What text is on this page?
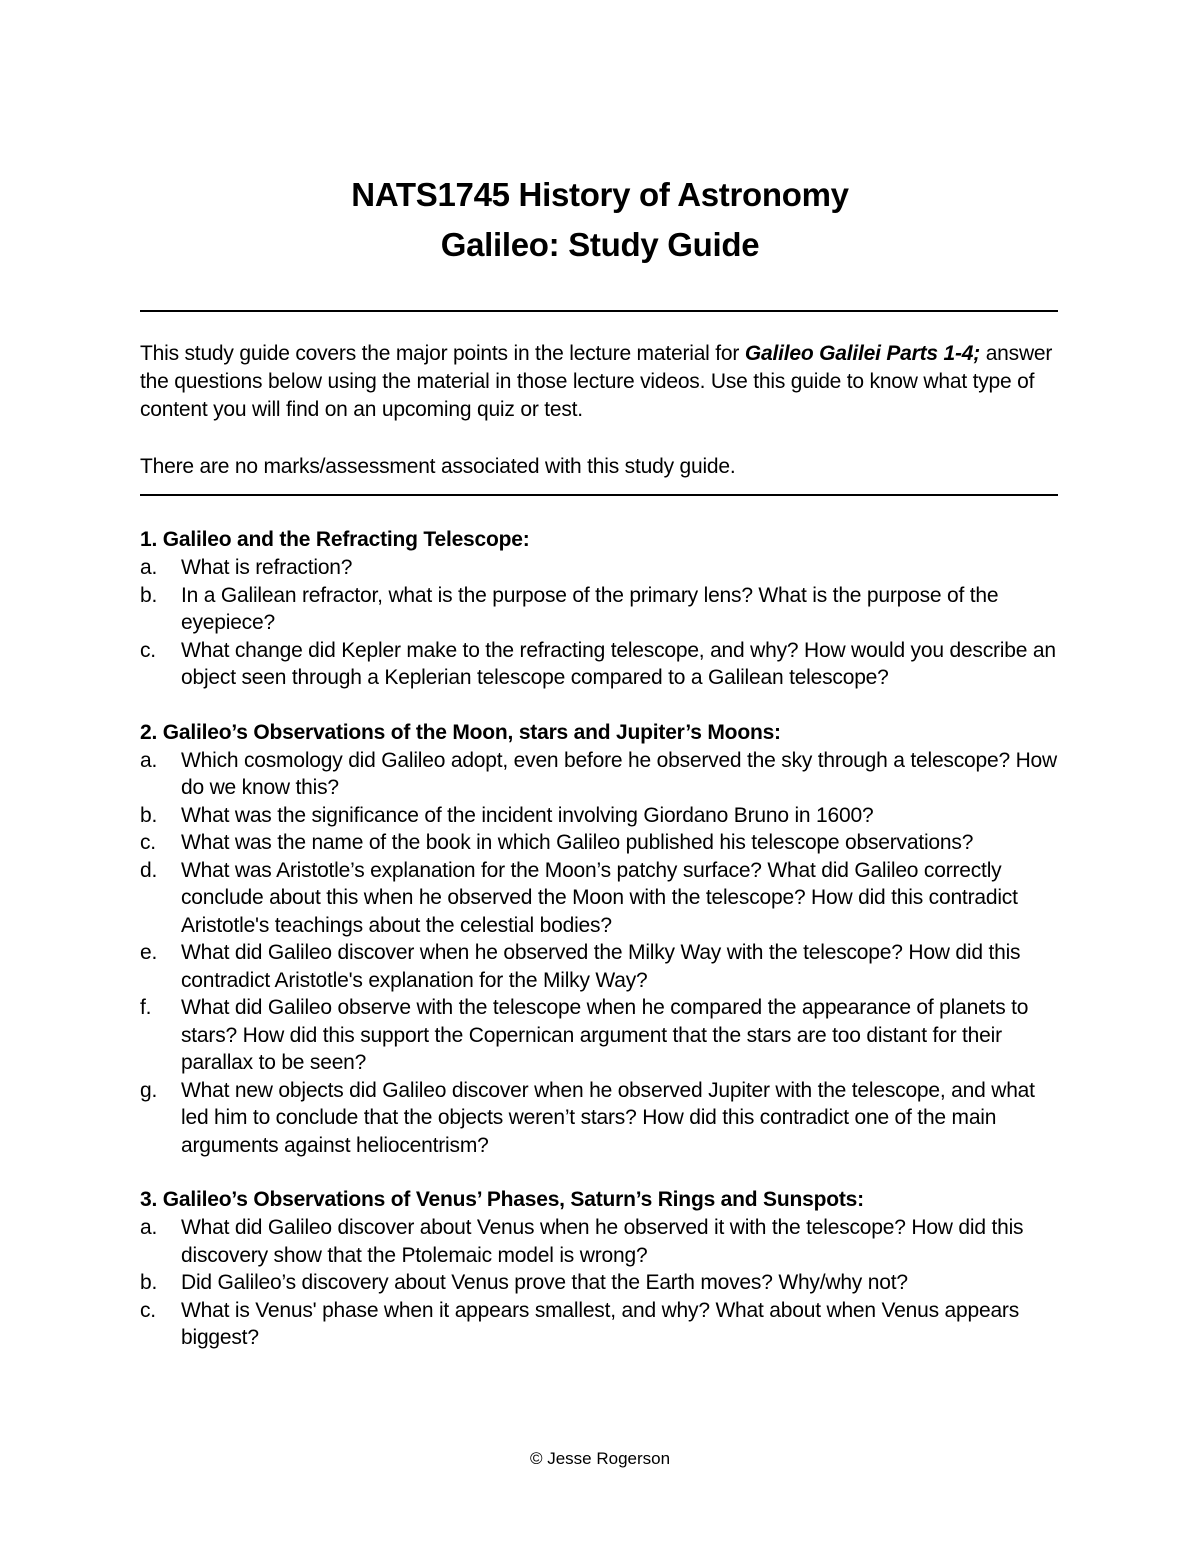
NATS1745 History of Astronomy
Galileo: Study Guide

This study guide covers the major points in the lecture material for Galileo Galilei Parts 1-4; answer the questions below using the material in those lecture videos. Use this guide to know what type of content you will find on an upcoming quiz or test.

There are no marks/assessment associated with this study guide.

1. Galileo and the Refracting Telescope:

a.	What is refraction?
b.	In a Galilean refractor, what is the purpose of the primary lens? What is the purpose of the eyepiece?
c.	What change did Kepler make to the refracting telescope, and why? How would you describe an object seen through a Keplerian telescope compared to a Galilean telescope?

2. Galileo’s Observations of the Moon, stars and Jupiter’s Moons:

a.	Which cosmology did Galileo adopt, even before he observed the sky through a telescope? How do we know this?
b.	What was the significance of the incident involving Giordano Bruno in 1600?
c.	What was the name of the book in which Galileo published his telescope observations?
d.	What was Aristotle’s explanation for the Moon’s patchy surface? What did Galileo correctly conclude about this when he observed the Moon with the telescope? How did this contradict Aristotle's teachings about the celestial bodies?
e.	What did Galileo discover when he observed the Milky Way with the telescope? How did this contradict Aristotle's explanation for the Milky Way?
f.	What did Galileo observe with the telescope when he compared the appearance of planets to stars? How did this support the Copernican argument that the stars are too distant for their parallax to be seen?
g.	What new objects did Galileo discover when he observed Jupiter with the telescope, and what led him to conclude that the objects weren’t stars? How did this contradict one of the main arguments against heliocentrism?

3. Galileo’s Observations of Venus’ Phases, Saturn’s Rings and Sunspots:

a.	What did Galileo discover about Venus when he observed it with the telescope? How did this discovery show that the Ptolemaic model is wrong?
b.	Did Galileo’s discovery about Venus prove that the Earth moves? Why/why not?
c.	What is Venus' phase when it appears smallest, and why? What about when Venus appears biggest?
© Jesse Rogerson
